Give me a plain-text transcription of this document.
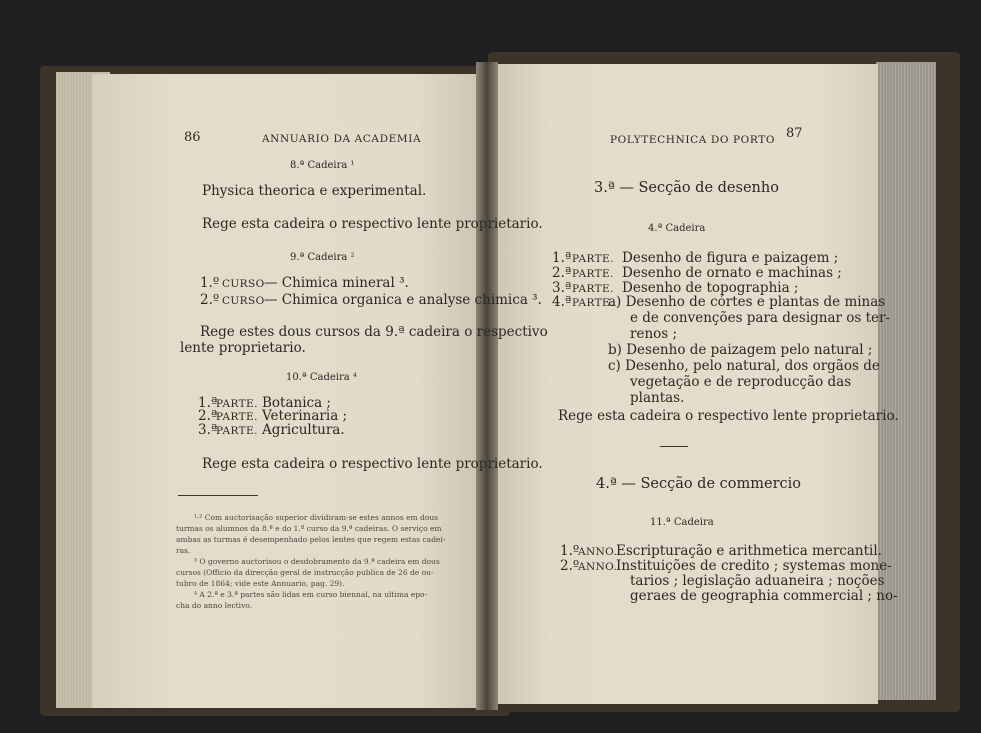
86	ANNUARIO DA ACADEMIA
8.ª Cadeira ¹
Physica theorica e experimental.
Rege esta cadeira o respectivo lente proprietario.
9.ª Cadeira ²
1.º CURSO — Chimica mineral ³.
2.º CURSO — Chimica organica e analyse chimica ³.
Rege estes dous cursos da 9.ª cadeira o respectivo
lente proprietario.
10.ª Cadeira ⁴
1.ª
PARTE. Botanica ;
2.ª
PARTE. Veterinaria ;
3.ª
PARTE. Agricultura.
Rege esta cadeira o respectivo lente proprietario.
¹·² Com auctorisação superior dividiram-se estes annos em dous
turmas os alumnos da 8.ª e do 1.º curso da 9.ª cadeiras. O serviço em
ambas as turmas é desempenhado pelos lentes que regem estas cadei-
ras.
³ O governo auctorisou o desdobramento da 9.ª cadeira em dous
cursos (Officio da direcção geral de instrucção publica de 26 de ou-
tubro de 1864; vide este Annuario, pag. 29).
⁴ A 2.ª e 3.ª partes são lidas em curso biennal, na ultima epo-
cha do anno lectivo.
POLYTECHNICA DO PORTO 87
3.ª — Secção de desenho
4.ª Cadeira
1.ª PARTE. Desenho de figura e paizagem ;
2.ª PARTE. Desenho de ornato e machinas ;
3.ª PARTE. Desenho de topographia ;
4.ª PARTE.
a) Desenho de córtes e plantas de minas
e de convenções para designar os ter-
renos ;
b) Desenho de paizagem pelo natural ;
c) Desenho, pelo natural, dos orgãos de
vegetação e de reproducção das
plantas.
Rege esta cadeira o respectivo lente proprietario.
4.ª — Secção de commercio
11.ª Cadeira
1.º
ANNO.
Escripturação e arithmetica mercantil.
2.º
ANNO.
Instituições de credito ; systemas mone-
tarios ; legislação aduaneira ; noções
geraes de geographia commercial ; no-
